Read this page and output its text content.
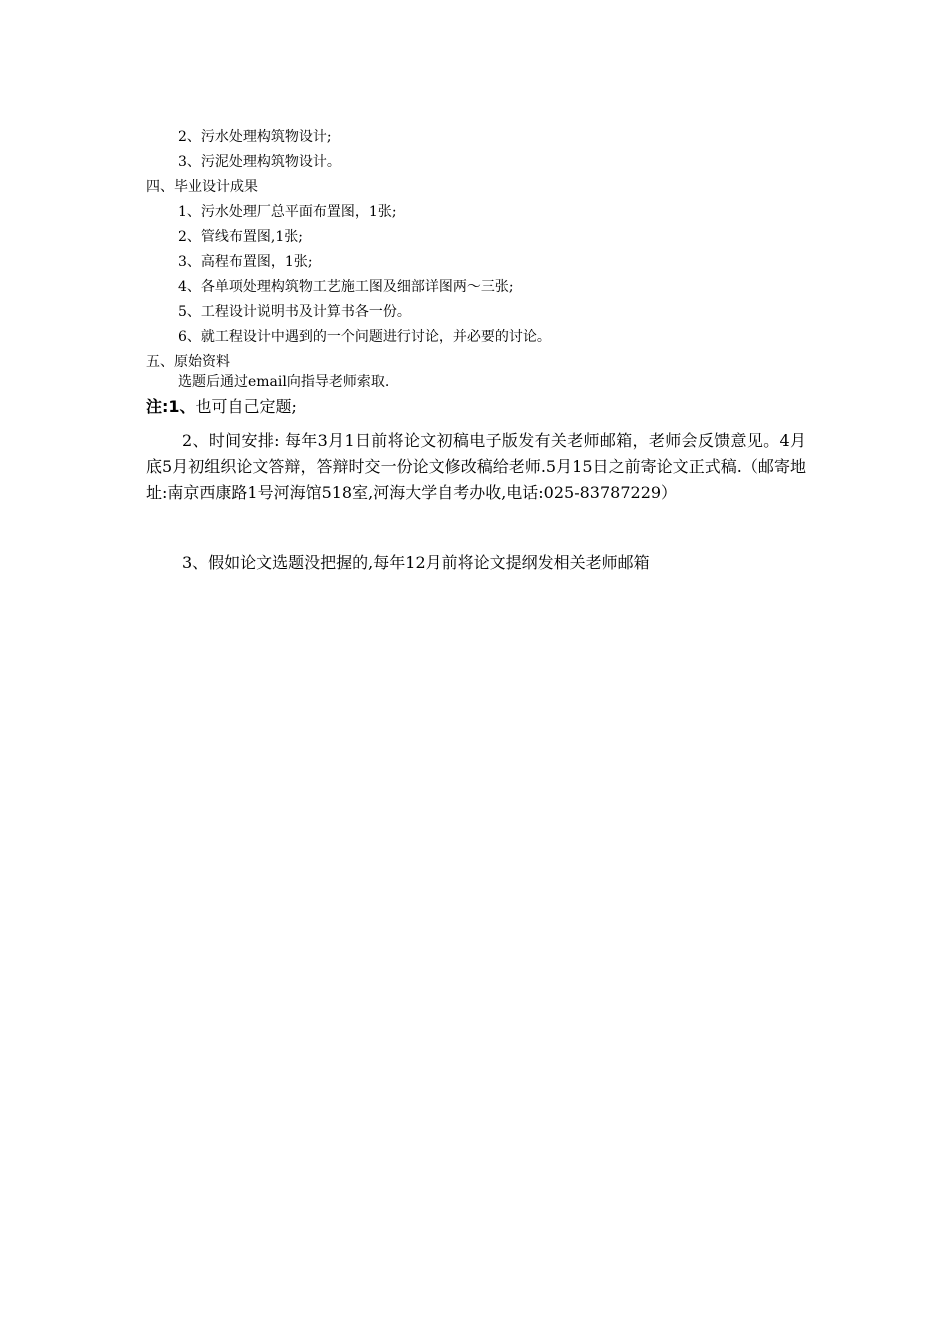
2、污水处理构筑物设计;
3、污泥处理构筑物设计。
四、毕业设计成果
1、污水处理厂总平面布置图，1张;
2、管线布置图,1张;
3、高程布置图，1张;
4、各单项处理构筑物工艺施工图及细部详图两～三张;
5、工程设计说明书及计算书各一份。
6、就工程设计中遇到的一个问题进行讨论，并必要的讨论。
五、原始资料
选题后通过email向指导老师索取.
注:1、也可自己定题;
2、时间安排: 每年3月1日前将论文初稿电子版发有关老师邮箱，老师会反馈意见。4月底5月初组织论文答辩，答辩时交一份论文修改稿给老师.5月15日之前寄论文正式稿.（邮寄地址:南京西康路1号河海馆518室,河海大学自考办收,电话:025-83787229）
3、假如论文选题没把握的,每年12月前将论文提纲发相关老师邮箱
